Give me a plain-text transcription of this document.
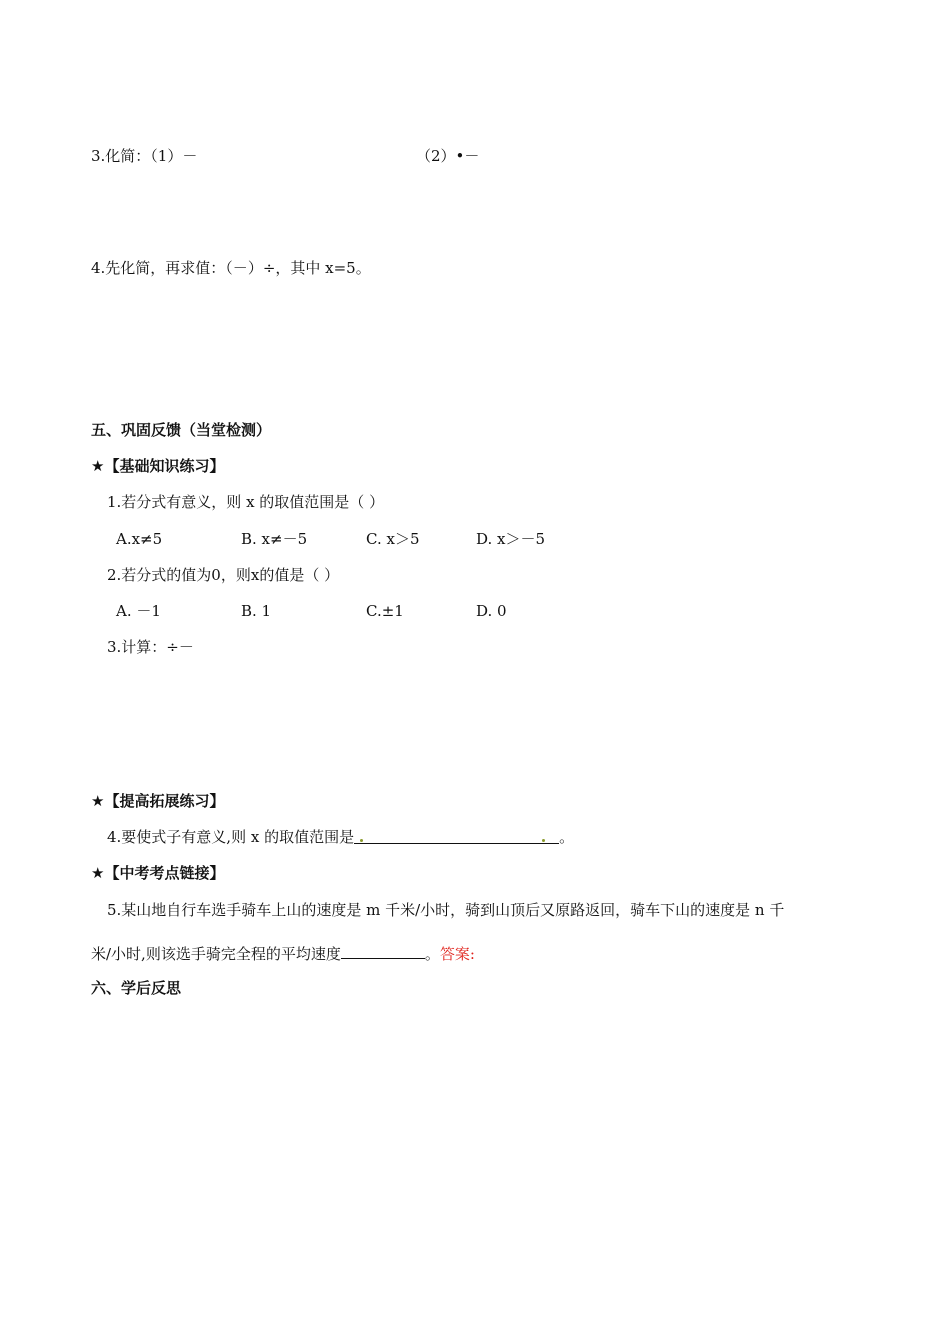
3.化简：（1）－	（2）•－
4.先化简，再求值：（－）÷，其中 x=5。
五、巩固反馈（当堂检测）
★【基础知识练习】
1.若分式有意义，则 x 的取值范围是（ ）
A.x≠5	B. x≠－5	C. x＞5	D. x＞－5
2.若分式的值为0，则x的值是（ ）
A. －1	B. 1	C.±1	D. 0
3.计算：÷－
★【提高拓展练习】
4.要使式子有意义,则 x 的取值范围是	。
★【中考考点链接】
5.某山地自行车选手骑车上山的速度是 m 千米/小时，骑到山顶后又原路返回，骑车下山的速度是 n 千
米/小时,则该选手骑完全程的平均速度	。答案:
六、学后反思
